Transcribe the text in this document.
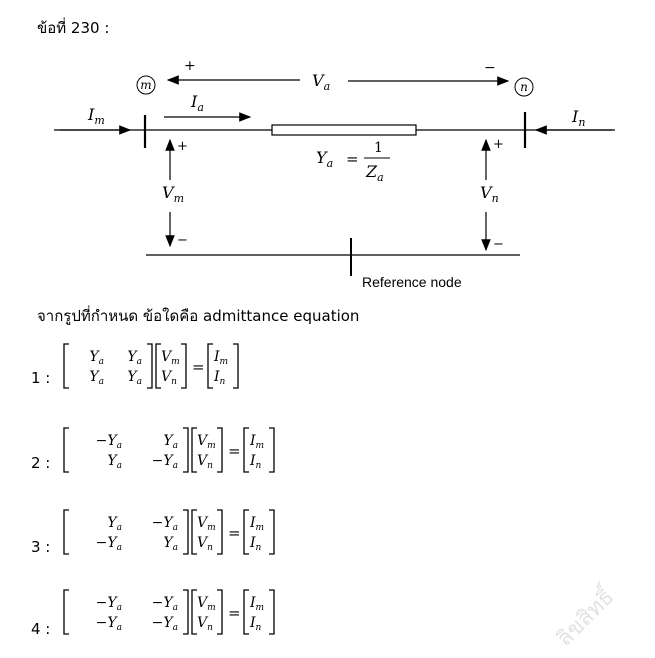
ข้อที่ 230 :
m	n
+	−
$V_a$
$I_m$
$I_a$	$I_n$
+
$V_m$
−
$Y_a$ =
1
$Z_a$
+
$V_n$
−
Reference node
$Y_a$ $Y_a$
$Y_a$ $Y_a$
$V_m$
$V_n$
=
$I_m$
$I_n$
$-Y_a$	$Y_a$
$Y_a -Y_a$
$V_m$
$V_n$
=
$I_m$
$I_n$
$Y_a -Y_a$
$-Y_a$	$Y_a$
$V_m$
$V_n$
=
$I_m$
$I_n$
$-Y_a -Y_a$
$-Y_a -Y_a$
$V_m$
$V_n$
=
$I_m$
$I_n$
จากรูปที่กำหนด ข้อใดคือ admittance equation
1 :
2 :
3 :
4 :	ลิขสิทธิ์
